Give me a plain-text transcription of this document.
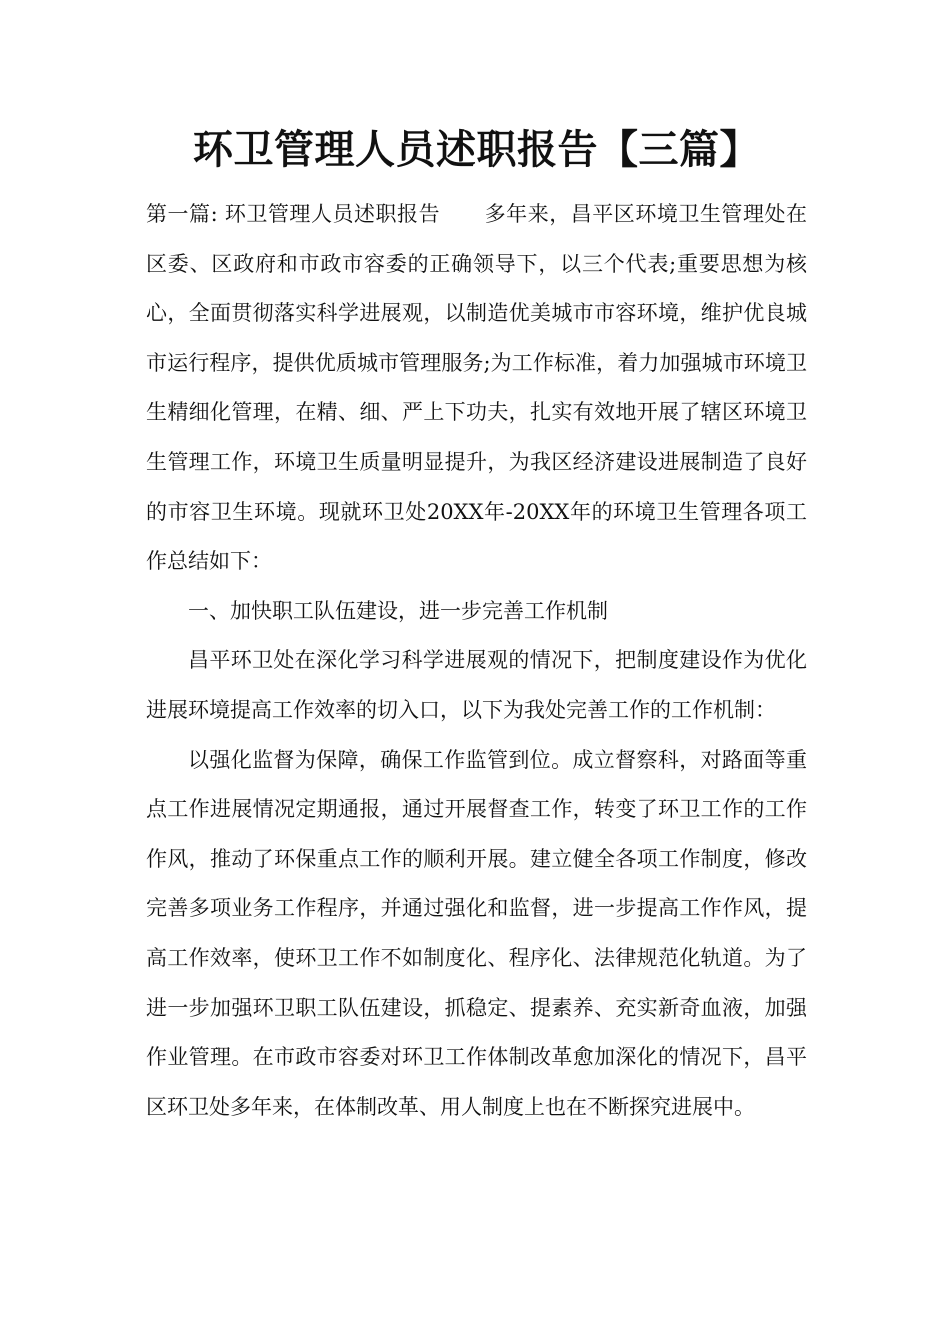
环卫管理人员述职报告【三篇】

第一篇: 环卫管理人员述职报告 多年来，昌平区环境卫生管理处在区委、区政府和市政市容委的正确领导下，以三个代表;重要思想为核心，全面贯彻落实科学进展观，以制造优美城市市容环境，维护优良城市运行程序，提供优质城市管理服务;为工作标准，着力加强城市环境卫生精细化管理，在精、细、严上下功夫，扎实有效地开展了辖区环境卫生管理工作，环境卫生质量明显提升，为我区经济建设进展制造了良好的市容卫生环境。现就环卫处20XX年-20XX年的环境卫生管理各项工作总结如下：

一、加快职工队伍建设，进一步完善工作机制

昌平环卫处在深化学习科学进展观的情况下，把制度建设作为优化进展环境提高工作效率的切入口，以下为我处完善工作的工作机制：

以强化监督为保障，确保工作监管到位。成立督察科，对路面等重点工作进展情况定期通报，通过开展督查工作，转变了环卫工作的工作作风，推动了环保重点工作的顺利开展。建立健全各项工作制度，修改完善多项业务工作程序，并通过强化和监督，进一步提高工作作风，提高工作效率，使环卫工作不如制度化、程序化、法律规范化轨道。为了进一步加强环卫职工队伍建设，抓稳定、提素养、充实新奇血液，加强作业管理。在市政市容委对环卫工作体制改革愈加深化的情况下，昌平区环卫处多年来，在体制改革、用人制度上也在不断探究进展中。
